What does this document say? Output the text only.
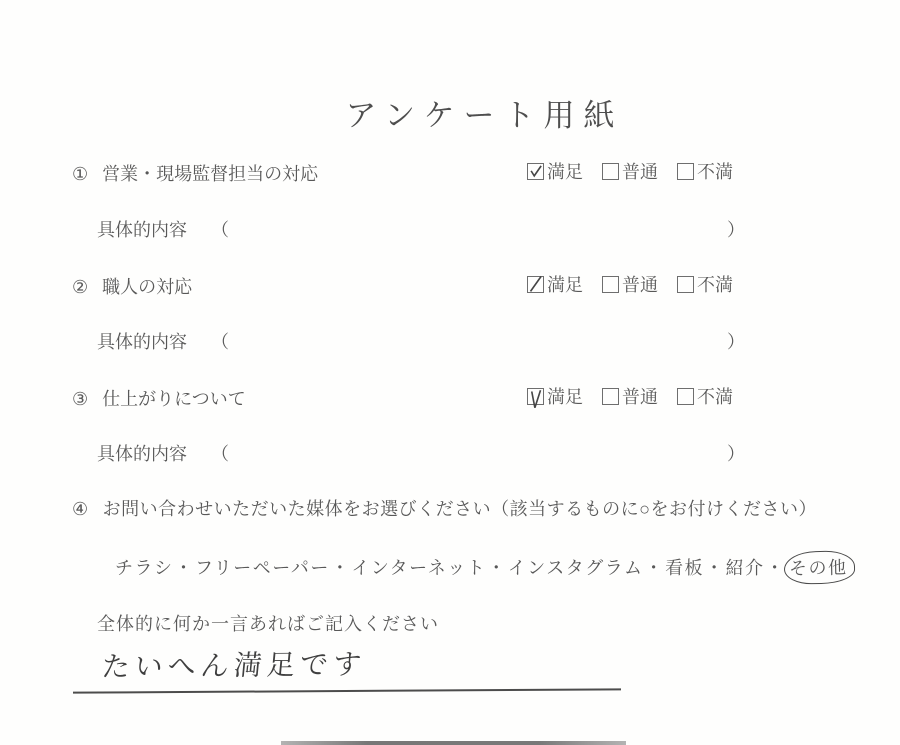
アンケート用紙
① 営業・現場監督担当の対応	満足 普通 不満
具体的内容 （	）
② 職人の対応	満足 普通 不満
具体的内容 （	）
③ 仕上がりについて	満足 普通 不満
具体的内容 （	）
④ お問い合わせいただいた媒体をお選びください（該当するものに○をお付けください）
チラシ・フリーペーパー・インターネット・インスタグラム・看板・紹介・ その他
全体的に何か一言あればご記入ください
たいへん満足です
